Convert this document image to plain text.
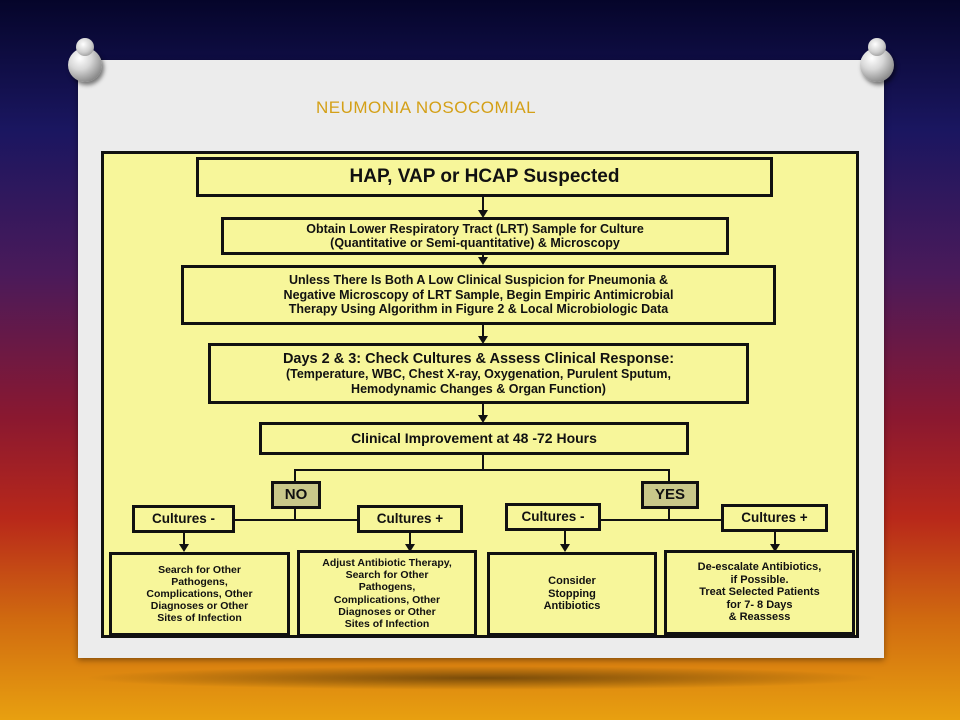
NEUMONIA NOSOCOMIAL
HAP, VAP or HCAP Suspected
Obtain Lower Respiratory Tract (LRT) Sample for Culture
(Quantitative or Semi-quantitative) & Microscopy
Unless There Is Both A Low Clinical Suspicion for Pneumonia &
Negative Microscopy of LRT Sample, Begin Empiric Antimicrobial
Therapy Using Algorithm in Figure 2 & Local Microbiologic Data
Days 2 & 3: Check Cultures & Assess Clinical Response:
(Temperature, WBC, Chest X-ray, Oxygenation, Purulent Sputum,
Hemodynamic Changes & Organ Function)
Clinical Improvement at 48 -72 Hours
NO	YES
Cultures -	Cultures +	Cultures -	Cultures +
Search for Other
Pathogens,
Complications, Other
Diagnoses or Other
Sites of Infection
Adjust Antibiotic Therapy,
Search for Other
Pathogens,
Complications, Other
Diagnoses or Other
Sites of Infection
Consider
Stopping
Antibiotics
De-escalate Antibiotics,
if Possible.
Treat Selected Patients
for 7- 8 Days
& Reassess
